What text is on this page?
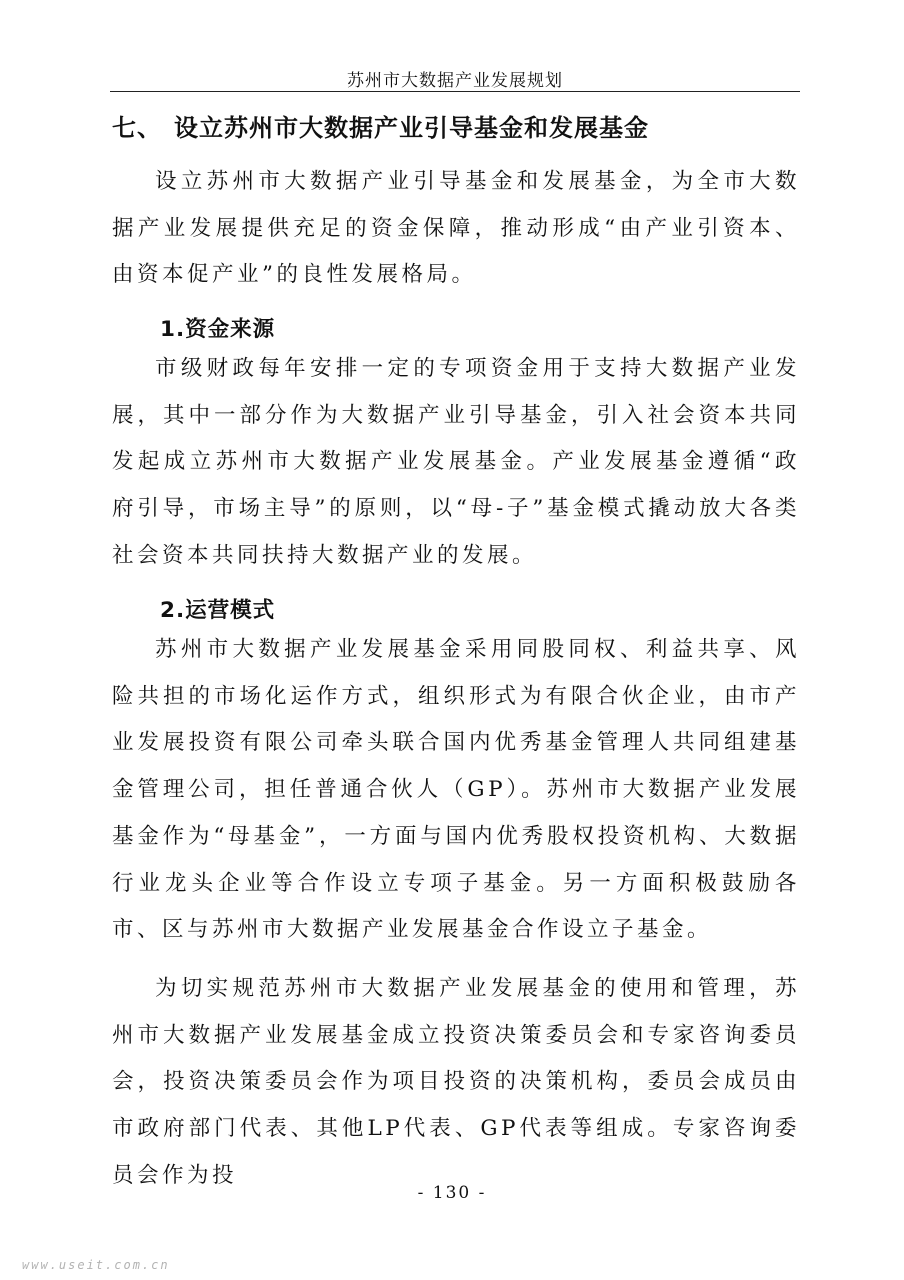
苏州市大数据产业发展规划
七、 设立苏州市大数据产业引导基金和发展基金

设立苏州市大数据产业引导基金和发展基金，为全市大数据产业发展提供充足的资金保障，推动形成“由产业引资本、由资本促产业”的良性发展格局。

1.资金来源

市级财政每年安排一定的专项资金用于支持大数据产业发展，其中一部分作为大数据产业引导基金，引入社会资本共同发起成立苏州市大数据产业发展基金。产业发展基金遵循“政府引导，市场主导”的原则，以“母-子”基金模式撬动放大各类社会资本共同扶持大数据产业的发展。

2.运营模式

苏州市大数据产业发展基金采用同股同权、利益共享、风险共担的市场化运作方式，组织形式为有限合伙企业，由市产业发展投资有限公司牵头联合国内优秀基金管理人共同组建基金管理公司，担任普通合伙人（GP）。苏州市大数据产业发展基金作为“母基金”，一方面与国内优秀股权投资机构、大数据行业龙头企业等合作设立专项子基金。另一方面积极鼓励各市、区与苏州市大数据产业发展基金合作设立子基金。

为切实规范苏州市大数据产业发展基金的使用和管理，苏州市大数据产业发展基金成立投资决策委员会和专家咨询委员会，投资决策委员会作为项目投资的决策机构，委员会成员由市政府部门代表、其他LP代表、GP代表等组成。专家咨询委员会作为投

- 130 -
www.useit.com.cn
